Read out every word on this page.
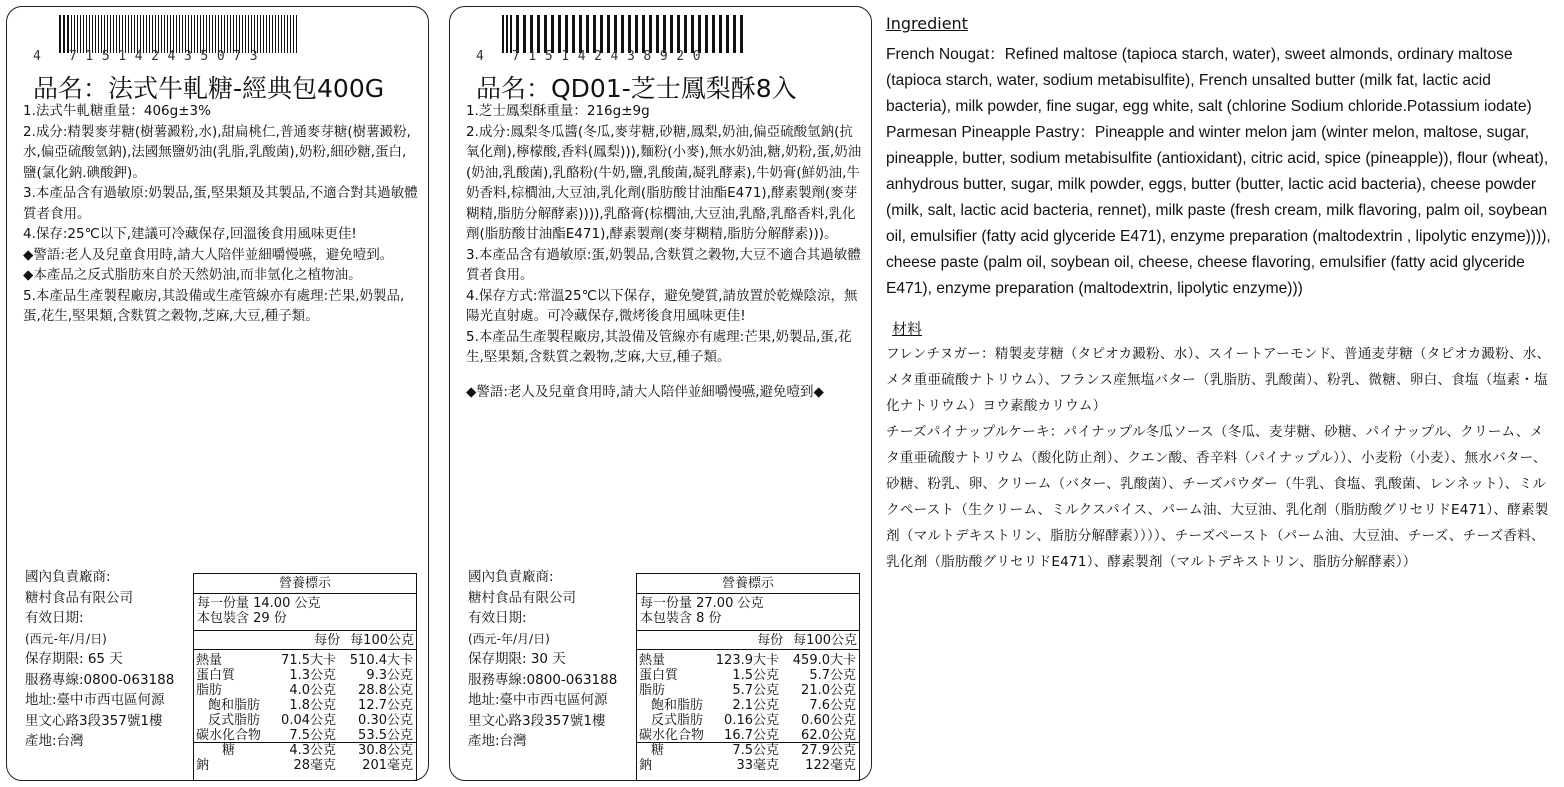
4 715142435073
品名：法式牛軋糖-經典包400G

1.法式牛軋糖重量：406g±3%

2.成分:精製麥芽糖(樹薯澱粉,水),甜扁桃仁,普通麥芽糖(樹薯澱粉,水,偏亞硫酸氫鈉),法國無鹽奶油(乳脂,乳酸菌),奶粉,細砂糖,蛋白,鹽(氯化鈉.碘酸鉀)。

3.本產品含有過敏原:奶製品,蛋,堅果類及其製品,不適合對其過敏體質者食用。

4.保存:25℃以下,建議可冷藏保存,回溫後食用風味更佳!

◆警語:老人及兒童食用時,請大人陪伴並細嚼慢嚥，避免噎到。

◆本產品之反式脂肪來自於天然奶油,而非氫化之植物油。

5.本產品生產製程廠房,其設備或生產管線亦有處理:芒果,奶製品,蛋,花生,堅果類,含麩質之穀物,芝麻,大豆,種子類。

國內負責廠商:
糖村食品有限公司
有效日期:
(西元-年/月/日)
保存期限: 65 天
服務專線:0800-063188
地址:臺中市西屯區何源
里文心路3段357號1樓
產地:台灣
營養標示
每一份量 14.00 公克
本包裝含 29 份
每份 每100公克
熱量	71.5大卡	510.4大卡
蛋白質	1.3公克	9.3公克
脂肪	4.0公克	28.8公克
飽和脂肪	1.8公克	12.7公克
反式脂肪	0.04公克	0.30公克
碳水化合物	7.5公克	53.5公克
糖	4.3公克	30.8公克
鈉	28毫克	201毫克
4 715142438920
品名：QD01-芝士鳳梨酥8入

1.芝士鳳梨酥重量：216g±9g

2.成分:鳳梨冬瓜醬(冬瓜,麥芽糖,砂糖,鳳梨,奶油,偏亞硫酸氫鈉(抗氧化劑),檸檬酸,香料(鳳梨))),麵粉(小麥),無水奶油,糖,奶粉,蛋,奶油(奶油,乳酸菌),乳酪粉(牛奶,鹽,乳酸菌,凝乳酵素),牛奶膏(鮮奶油,牛奶香料,棕櫚油,大豆油,乳化劑(脂肪酸甘油酯E471),酵素製劑(麥芽糊精,脂肪分解酵素)))),乳酪膏(棕櫚油,大豆油,乳酪,乳酪香料,乳化劑(脂肪酸甘油酯E471),酵素製劑(麥芽糊精,脂肪分解酵素)))。

3.本產品含有過敏原:蛋,奶製品,含麩質之穀物,大豆不適合其過敏體質者食用。

4.保存方式:常溫25℃以下保存，避免變質,請放置於乾燥陰涼，無陽光直射處。可冷藏保存,微烤後食用風味更佳!

5.本產品生產製程廠房,其設備及管線亦有處理:芒果,奶製品,蛋,花生,堅果類,含麩質之穀物,芝麻,大豆,種子類。

◆警語:老人及兒童食用時,請大人陪伴並細嚼慢嚥,避免噎到◆

國內負責廠商:
糖村食品有限公司
有效日期:
(西元-年/月/日)
保存期限: 30 天
服務專線:0800-063188
地址:臺中市西屯區何源
里文心路3段357號1樓
產地:台灣
營養標示
每一份量 27.00 公克
本包裝含 8 份
每份 每100公克
熱量	123.9大卡	459.0大卡
蛋白質	1.5公克	5.7公克
脂肪	5.7公克	21.0公克
飽和脂肪	2.1公克	7.6公克
反式脂肪	0.16公克	0.60公克
碳水化合物	16.7公克	62.0公克
糖	7.5公克	27.9公克
鈉	33毫克	122毫克
Ingredient
French Nougat：Refined maltose (tapioca starch, water), sweet almonds, ordinary maltose (tapioca starch, water, sodium metabisulfite), French unsalted butter (milk fat, lactic acid bacteria), milk powder, fine sugar, egg white, salt (chlorine Sodium chloride.Potassium iodate)
Parmesan Pineapple Pastry：Pineapple and winter melon jam (winter melon, maltose, sugar, pineapple, butter, sodium metabisulfite (antioxidant), citric acid, spice (pineapple)), flour (wheat), anhydrous butter, sugar, milk powder, eggs, butter (butter, lactic acid bacteria), cheese powder (milk, salt, lactic acid bacteria, rennet), milk paste (fresh cream, milk flavoring, palm oil, soybean oil, emulsifier (fatty acid glyceride E471), enzyme preparation (maltodextrin , lipolytic enzyme)))), cheese paste (palm oil, soybean oil, cheese, cheese flavoring, emulsifier (fatty acid glyceride E471), enzyme preparation (maltodextrin, lipolytic enzyme)))
材料
フレンチヌガー：精製麦芽糖（タピオカ澱粉、水）、スイートアーモンド、普通麦芽糖（タピオカ澱粉、水、メタ重亜硫酸ナトリウム）、フランス産無塩バター（乳脂肪、乳酸菌）、粉乳、微糖、卵白、食塩（塩素・塩化ナトリウム）ヨウ素酸カリウム）
チーズパイナップルケーキ：パイナップル冬瓜ソース（冬瓜、麦芽糖、砂糖、パイナップル、クリーム、メタ重亜硫酸ナトリウム（酸化防止剤）、クエン酸、香辛料（パイナップル））、小麦粉（小麦）、無水バター、砂糖、粉乳、卵、クリーム（バター、乳酸菌）、チーズパウダー（牛乳、食塩、乳酸菌、レンネット）、ミルクペースト（生クリーム、ミルクスパイス、パーム油、大豆油、乳化剤（脂肪酸グリセリドE471）、酵素製剤（マルトデキストリン、脂肪分解酵素））））、チーズペースト（パーム油、大豆油、チーズ、チーズ香料、乳化剤（脂肪酸グリセリドE471）、酵素製剤（マルトデキストリン、脂肪分解酵素））
